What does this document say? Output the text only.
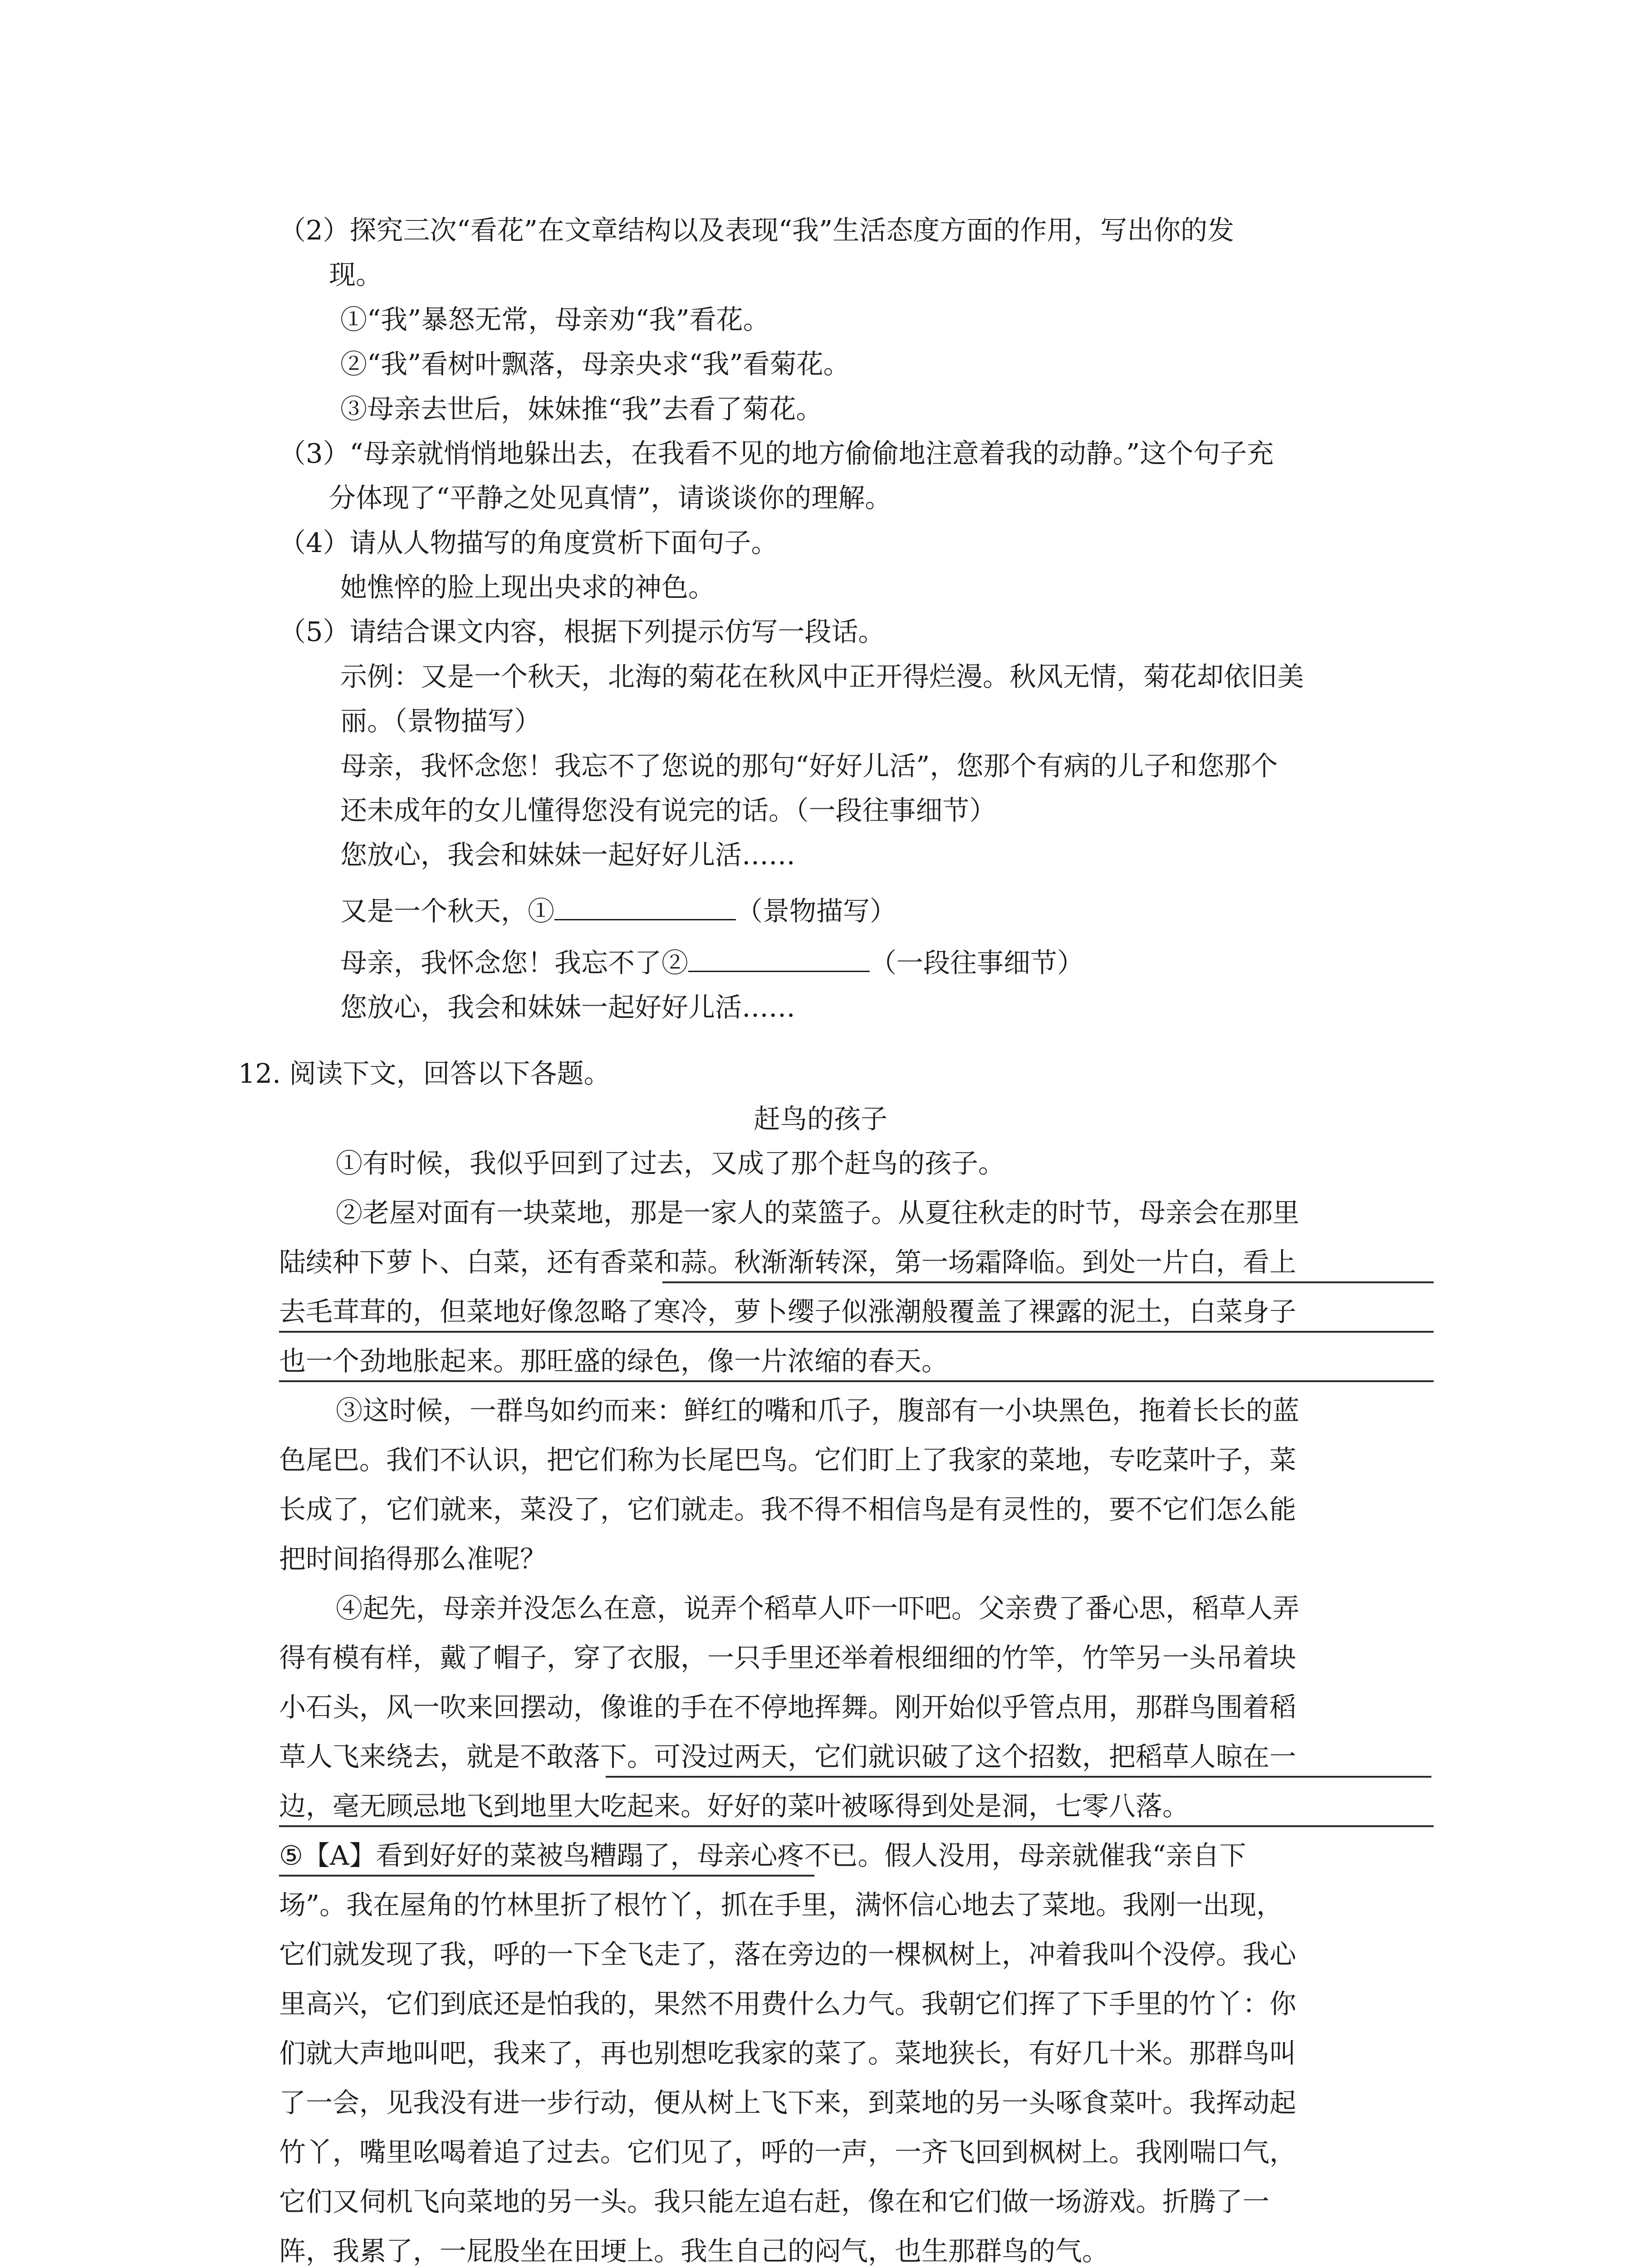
（2）探究三次“看花”在文章结构以及表现“我”生活态度方面的作用，写出你的发
现。
①“我”暴怒无常，母亲劝“我”看花。
②“我”看树叶飘落，母亲央求“我”看菊花。
③母亲去世后，妹妹推“我”去看了菊花。
（3）“母亲就悄悄地躲出去，在我看不见的地方偷偷地注意着我的动静。”这个句子充
分体现了“平静之处见真情”，请谈谈你的理解。
（4）请从人物描写的角度赏析下面句子。
她憔悴的脸上现出央求的神色。
（5）请结合课文内容，根据下列提示仿写一段话。
示例：又是一个秋天，北海的菊花在秋风中正开得烂漫。秋风无情，菊花却依旧美
丽。（景物描写）
母亲，我怀念您！我忘不了您说的那句“好好儿活”，您那个有病的儿子和您那个
还未成年的女儿懂得您没有说完的话。（一段往事细节）
您放心，我会和妹妹一起好好儿活……
又是一个秋天，①	（景物描写）
母亲，我怀念您！我忘不了②	（一段往事细节）
您放心，我会和妹妹一起好好儿活……
12. 阅读下文，回答以下各题。
赶鸟的孩子
①有时候，我似乎回到了过去，又成了那个赶鸟的孩子。
②老屋对面有一块菜地，那是一家人的菜篮子。从夏往秋走的时节，母亲会在那里
陆续种下萝卜、白菜，还有香菜和蒜。秋渐渐转深，第一场霜降临。到处一片白，看上
去毛茸茸的，但菜地好像忽略了寒冷，萝卜缨子似涨潮般覆盖了裸露的泥土，白菜身子
也一个劲地胀起来。那旺盛的绿色，像一片浓缩的春天。
③这时候，一群鸟如约而来：鲜红的嘴和爪子，腹部有一小块黑色，拖着长长的蓝
色尾巴。我们不认识，把它们称为长尾巴鸟。它们盯上了我家的菜地，专吃菜叶子，菜
长成了，它们就来，菜没了，它们就走。我不得不相信鸟是有灵性的，要不它们怎么能
把时间掐得那么准呢？
④起先，母亲并没怎么在意，说弄个稻草人吓一吓吧。父亲费了番心思，稻草人弄
得有模有样，戴了帽子，穿了衣服，一只手里还举着根细细的竹竿，竹竿另一头吊着块
小石头，风一吹来回摆动，像谁的手在不停地挥舞。刚开始似乎管点用，那群鸟围着稻
草人飞来绕去，就是不敢落下。可没过两天，它们就识破了这个招数，把稻草人晾在一
边，毫无顾忌地飞到地里大吃起来。好好的菜叶被啄得到处是洞，七零八落。
⑤【A】看到好好的菜被鸟糟蹋了，母亲心疼不已。假人没用，母亲就催我“亲自下
场”。我在屋角的竹林里折了根竹丫，抓在手里，满怀信心地去了菜地。我刚一出现，
它们就发现了我，呼的一下全飞走了，落在旁边的一棵枫树上，冲着我叫个没停。我心
里高兴，它们到底还是怕我的，果然不用费什么力气。我朝它们挥了下手里的竹丫：你
们就大声地叫吧，我来了，再也别想吃我家的菜了。菜地狭长，有好几十米。那群鸟叫
了一会，见我没有进一步行动，便从树上飞下来，到菜地的另一头啄食菜叶。我挥动起
竹丫，嘴里吆喝着追了过去。它们见了，呼的一声，一齐飞回到枫树上。我刚喘口气，
它们又伺机飞向菜地的另一头。我只能左追右赶，像在和它们做一场游戏。折腾了一
阵，我累了，一屁股坐在田埂上。我生自己的闷气，也生那群鸟的气。
